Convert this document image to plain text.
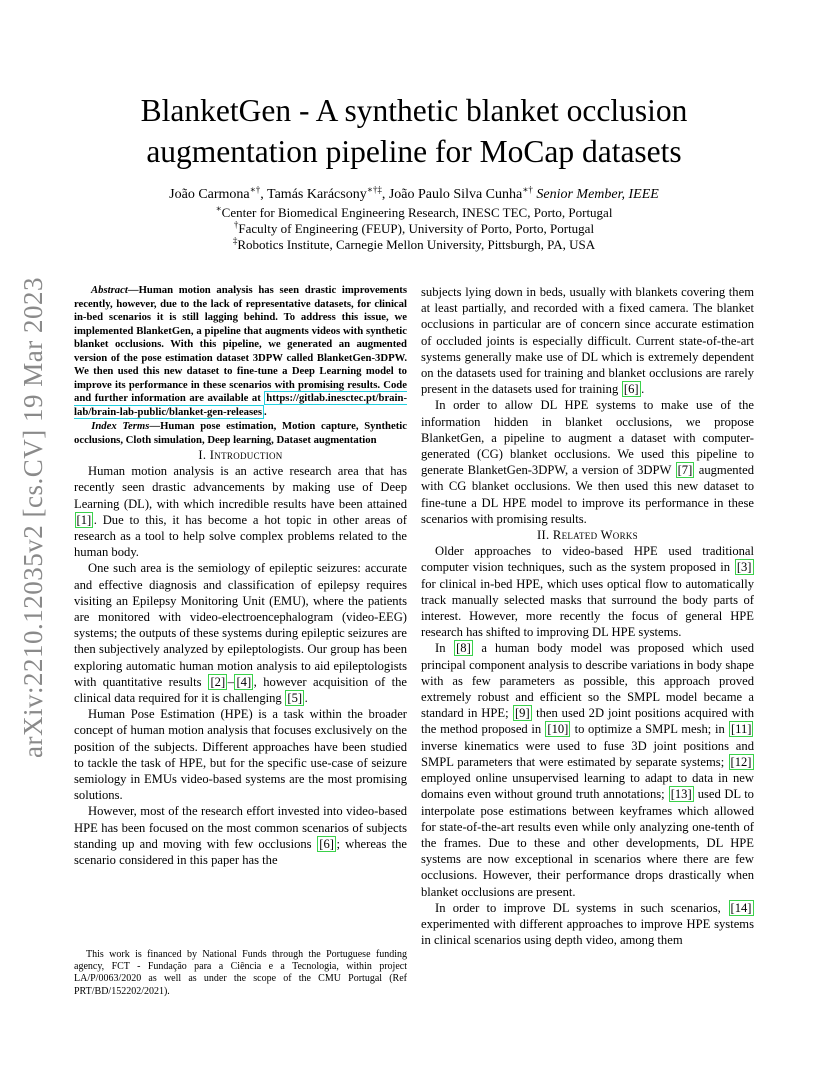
arXiv:2210.12035v2 [cs.CV] 19 Mar 2023
BlanketGen - A synthetic blanket occlusion augmentation pipeline for MoCap datasets
João Carmona∗†, Tamás Karácsony∗†‡, João Paulo Silva Cunha∗† Senior Member, IEEE
∗Center for Biomedical Engineering Research, INESC TEC, Porto, Portugal
†Faculty of Engineering (FEUP), University of Porto, Porto, Portugal
‡Robotics Institute, Carnegie Mellon University, Pittsburgh, PA, USA
Abstract—Human motion analysis has seen drastic improvements recently, however, due to the lack of representative datasets, for clinical in-bed scenarios it is still lagging behind. To address this issue, we implemented BlanketGen, a pipeline that augments videos with synthetic blanket occlusions. With this pipeline, we generated an augmented version of the pose estimation dataset 3DPW called BlanketGen-3DPW. We then used this new dataset to fine-tune a Deep Learning model to improve its performance in these scenarios with promising results. Code and further information are available at https://gitlab.inesctec.pt/brain-lab/brain-lab-public/blanket-gen-releases .
Index Terms—Human pose estimation, Motion capture, Synthetic occlusions, Cloth simulation, Deep learning, Dataset augmentation

I. Introduction

Human motion analysis is an active research area that has recently seen drastic advancements by making use of Deep Learning (DL), with which incredible results have been attained [1] . Due to this, it has become a hot topic in other areas of research as a tool to help solve complex problems related to the human body.

One such area is the semiology of epileptic seizures: accurate and effective diagnosis and classification of epilepsy requires visiting an Epilepsy Monitoring Unit (EMU), where the patients are monitored with video-electroencephalogram (video-EEG) systems; the outputs of these systems during epileptic seizures are then subjectively analyzed by epileptologists. Our group has been exploring automatic human motion analysis to aid epileptologists with quantitative results [2] – [4] , however acquisition of the clinical data required for it is challenging [5] .

Human Pose Estimation (HPE) is a task within the broader concept of human motion analysis that focuses exclusively on the position of the subjects. Different approaches have been studied to tackle the task of HPE, but for the specific use-case of seizure semiology in EMUs video-based systems are the most promising solutions.

However, most of the research effort invested into video-based HPE has been focused on the most common scenarios of subjects standing up and moving with few occlusions [6] ; whereas the scenario considered in this paper has the

This work is financed by National Funds through the Portuguese funding agency, FCT - Fundação para a Ciência e a Tecnologia, within project LA/P/0063/2020 as well as under the scope of the CMU Portugal (Ref PRT/BD/152202/2021).

subjects lying down in beds, usually with blankets covering them at least partially, and recorded with a fixed camera. The blanket occlusions in particular are of concern since accurate estimation of occluded joints is especially difficult. Current state-of-the-art systems generally make use of DL which is extremely dependent on the datasets used for training and blanket occlusions are rarely present in the datasets used for training [6] .

In order to allow DL HPE systems to make use of the information hidden in blanket occlusions, we propose BlanketGen, a pipeline to augment a dataset with computer-generated (CG) blanket occlusions. We used this pipeline to generate BlanketGen-3DPW, a version of 3DPW [7] augmented with CG blanket occlusions. We then used this new dataset to fine-tune a DL HPE model to improve its performance in these scenarios with promising results.

II. Related Works

Older approaches to video-based HPE used traditional computer vision techniques, such as the system proposed in [3] for clinical in-bed HPE, which uses optical flow to automatically track manually selected masks that surround the body parts of interest. However, more recently the focus of general HPE research has shifted to improving DL HPE systems.

In [8] a human body model was proposed which used principal component analysis to describe variations in body shape with as few parameters as possible, this approach proved extremely robust and efficient so the SMPL model became a standard in HPE; [9] then used 2D joint positions acquired with the method proposed in [10] to optimize a SMPL mesh; in [11] inverse kinematics were used to fuse 3D joint positions and SMPL parameters that were estimated by separate systems; [12] employed online unsupervised learning to adapt to data in new domains even without ground truth annotations; [13] used DL to interpolate pose estimations between keyframes which allowed for state-of-the-art results even while only analyzing one-tenth of the frames. Due to these and other developments, DL HPE systems are now exceptional in scenarios where there are few occlusions. However, their performance drops drastically when blanket occlusions are present.

In order to improve DL systems in such scenarios, [14] experimented with different approaches to improve HPE systems in clinical scenarios using depth video, among them
